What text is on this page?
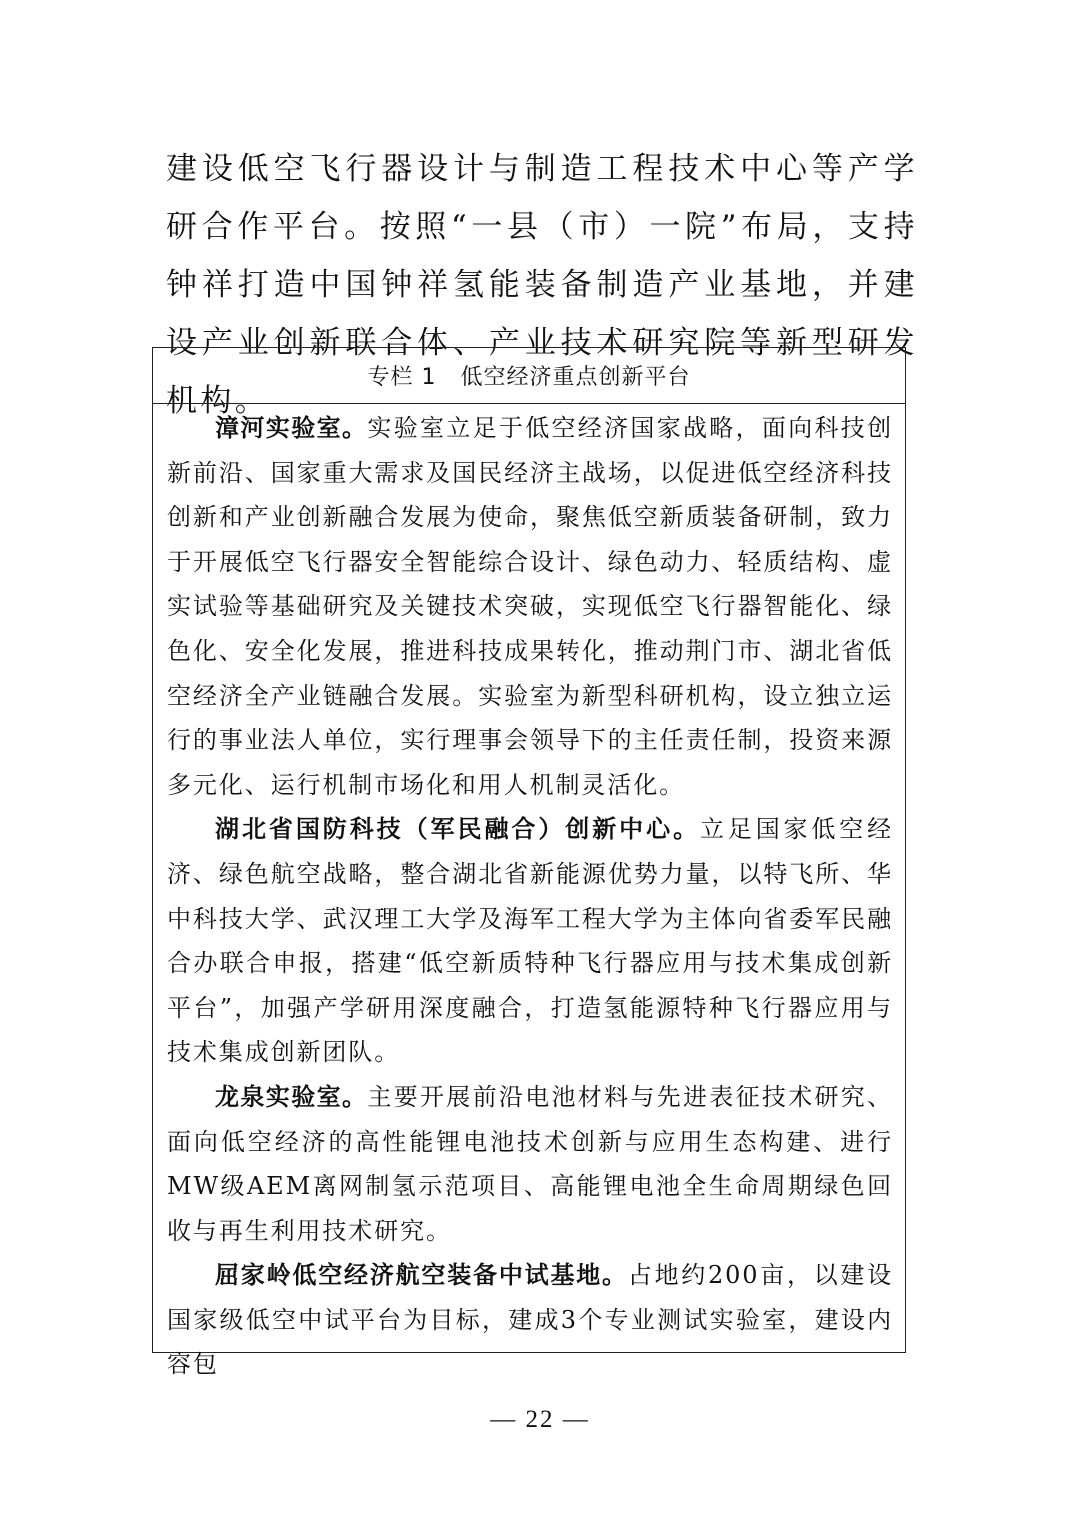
建设低空飞行器设计与制造工程技术中心等产学研合作平台。按照“一县（市）一院”布局，支持钟祥打造中国钟祥氢能装备制造产业基地，并建设产业创新联合体、产业技术研究院等新型研发机构。

专栏 1 低空经济重点创新平台

漳河实验室。实验室立足于低空经济国家战略，面向科技创新前沿、国家重大需求及国民经济主战场，以促进低空经济科技创新和产业创新融合发展为使命，聚焦低空新质装备研制，致力于开展低空飞行器安全智能综合设计、绿色动力、轻质结构、虚实试验等基础研究及关键技术突破，实现低空飞行器智能化、绿色化、安全化发展，推进科技成果转化，推动荆门市、湖北省低空经济全产业链融合发展。实验室为新型科研机构，设立独立运行的事业法人单位，实行理事会领导下的主任责任制，投资来源多元化、运行机制市场化和用人机制灵活化。

湖北省国防科技（军民融合）创新中心。立足国家低空经济、绿色航空战略，整合湖北省新能源优势力量，以特飞所、华中科技大学、武汉理工大学及海军工程大学为主体向省委军民融合办联合申报，搭建“低空新质特种飞行器应用与技术集成创新平台”，加强产学研用深度融合，打造氢能源特种飞行器应用与技术集成创新团队。

龙泉实验室。主要开展前沿电池材料与先进表征技术研究、面向低空经济的高性能锂电池技术创新与应用生态构建、进行MW级AEM离网制氢示范项目、高能锂电池全生命周期绿色回收与再生利用技术研究。

屈家岭低空经济航空装备中试基地。占地约200亩，以建设国家级低空中试平台为目标，建成3个专业测试实验室，建设内容包

— 22 —
